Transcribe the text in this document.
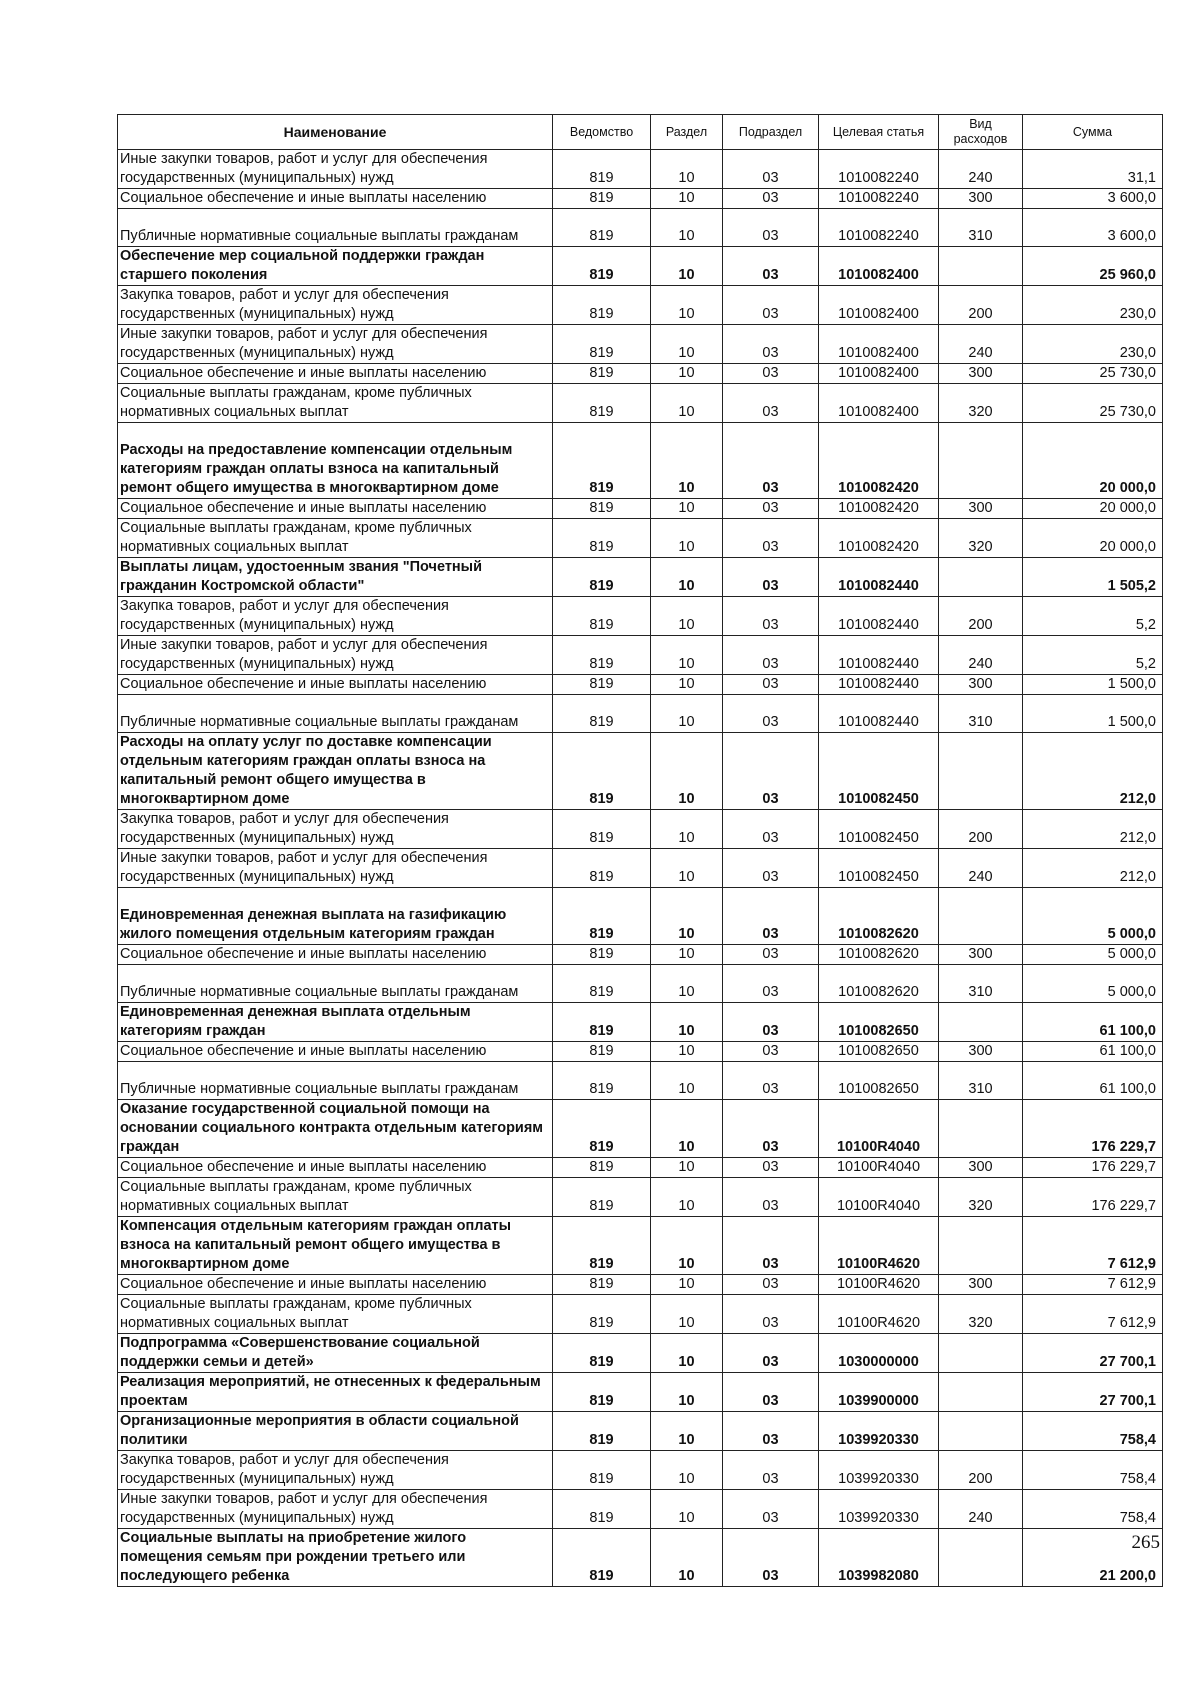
Наименование	Ведомство	Раздел	Подраздел	Целевая статья	Вид расходов	Сумма
Иные закупки товаров, работ и услуг для обеспечения государственных (муниципальных) нужд	819	10	03	1010082240	240	31,1
Социальное обеспечение и иные выплаты населению	819	10	03	1010082240	300	3 600,0
Публичные нормативные социальные выплаты гражданам	819	10	03	1010082240	310	3 600,0
Обеспечение мер социальной поддержки граждан старшего поколения	819	10	03	1010082400		25 960,0
Закупка товаров, работ и услуг для обеспечения государственных (муниципальных) нужд	819	10	03	1010082400	200	230,0
Иные закупки товаров, работ и услуг для обеспечения государственных (муниципальных) нужд	819	10	03	1010082400	240	230,0
Социальное обеспечение и иные выплаты населению	819	10	03	1010082400	300	25 730,0
Социальные выплаты гражданам, кроме публичных нормативных социальных выплат	819	10	03	1010082400	320	25 730,0
Расходы на предоставление компенсации отдельным категориям граждан оплаты взноса на капитальный ремонт общего имущества в многоквартирном доме	819	10	03	1010082420		20 000,0
Социальное обеспечение и иные выплаты населению	819	10	03	1010082420	300	20 000,0
Социальные выплаты гражданам, кроме публичных нормативных социальных выплат	819	10	03	1010082420	320	20 000,0
Выплаты лицам, удостоенным звания "Почетный гражданин Костромской области"	819	10	03	1010082440		1 505,2
Закупка товаров, работ и услуг для обеспечения государственных (муниципальных) нужд	819	10	03	1010082440	200	5,2
Иные закупки товаров, работ и услуг для обеспечения государственных (муниципальных) нужд	819	10	03	1010082440	240	5,2
Социальное обеспечение и иные выплаты населению	819	10	03	1010082440	300	1 500,0
Публичные нормативные социальные выплаты гражданам	819	10	03	1010082440	310	1 500,0
Расходы на оплату услуг по доставке компенсации отдельным категориям граждан оплаты взноса на капитальный ремонт общего имущества в многоквартирном доме	819	10	03	1010082450		212,0
Закупка товаров, работ и услуг для обеспечения государственных (муниципальных) нужд	819	10	03	1010082450	200	212,0
Иные закупки товаров, работ и услуг для обеспечения государственных (муниципальных) нужд	819	10	03	1010082450	240	212,0
Единовременная денежная выплата на газификацию жилого помещения отдельным категориям граждан	819	10	03	1010082620		5 000,0
Социальное обеспечение и иные выплаты населению	819	10	03	1010082620	300	5 000,0
Публичные нормативные социальные выплаты гражданам	819	10	03	1010082620	310	5 000,0
Единовременная денежная выплата отдельным категориям граждан	819	10	03	1010082650		61 100,0
Социальное обеспечение и иные выплаты населению	819	10	03	1010082650	300	61 100,0
Публичные нормативные социальные выплаты гражданам	819	10	03	1010082650	310	61 100,0
Оказание государственной социальной помощи на основании социального контракта отдельным категориям граждан	819	10	03	10100R4040		176 229,7
Социальное обеспечение и иные выплаты населению	819	10	03	10100R4040	300	176 229,7
Социальные выплаты гражданам, кроме публичных нормативных социальных выплат	819	10	03	10100R4040	320	176 229,7
Компенсация отдельным категориям граждан оплаты взноса на капитальный ремонт общего имущества в многоквартирном доме	819	10	03	10100R4620		7 612,9
Социальное обеспечение и иные выплаты населению	819	10	03	10100R4620	300	7 612,9
Социальные выплаты гражданам, кроме публичных нормативных социальных выплат	819	10	03	10100R4620	320	7 612,9
Подпрограмма «Совершенствование социальной поддержки семьи и детей»	819	10	03	1030000000		27 700,1
Реализация мероприятий, не отнесенных к федеральным проектам	819	10	03	1039900000		27 700,1
Организационные мероприятия в области социальной политики	819	10	03	1039920330		758,4
Закупка товаров, работ и услуг для обеспечения государственных (муниципальных) нужд	819	10	03	1039920330	200	758,4
Иные закупки товаров, работ и услуг для обеспечения государственных (муниципальных) нужд	819	10	03	1039920330	240	758,4
Социальные выплаты на приобретение жилого помещения семьям при рождении третьего или последующего ребенка	819	10	03	1039982080		21 200,0
265
